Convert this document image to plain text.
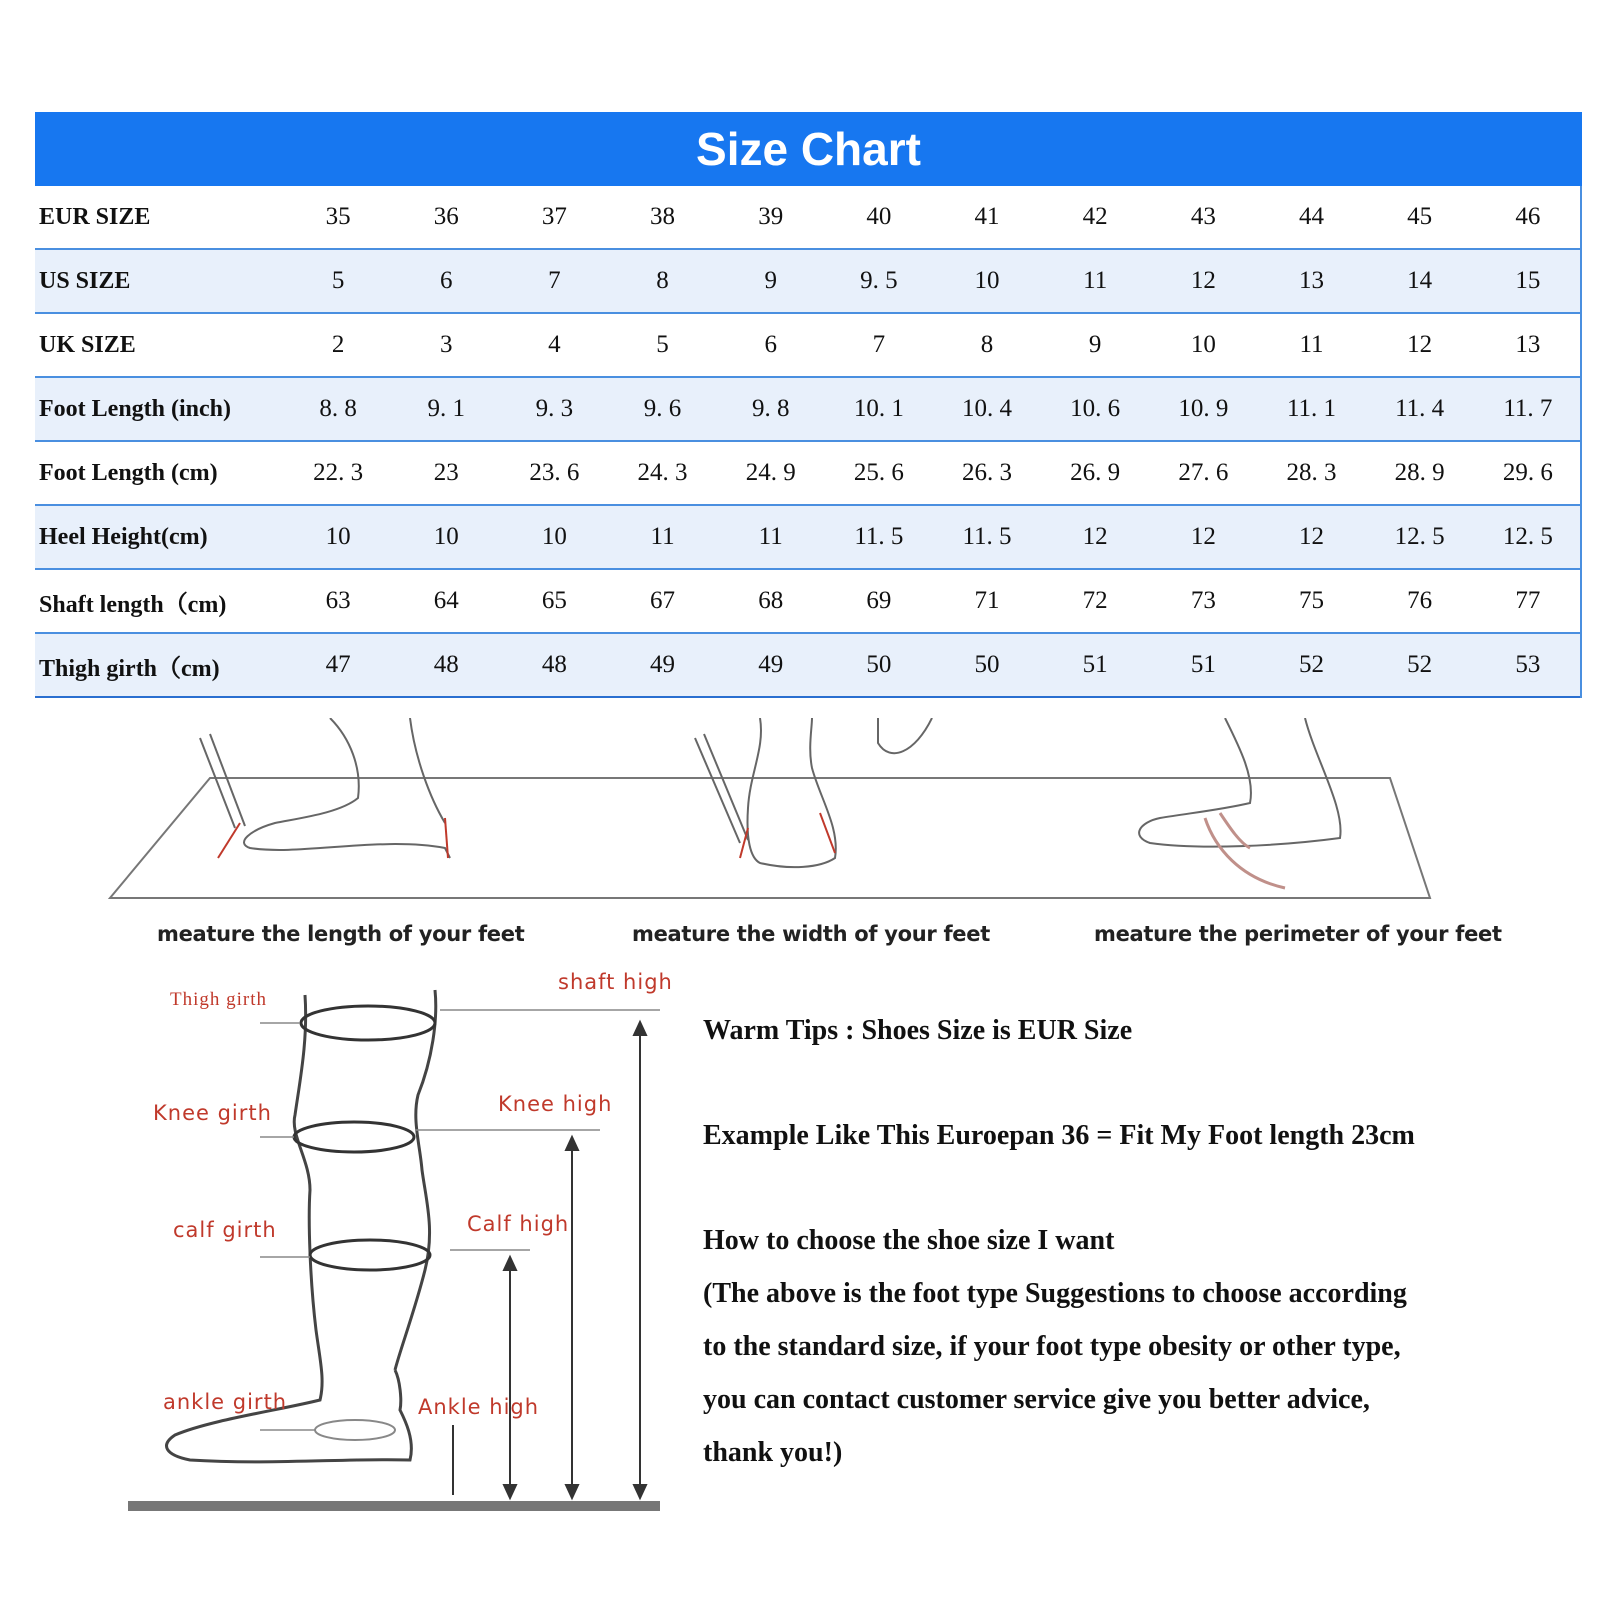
Size Chart
EUR SIZE	35	36	37	38	39	40	41	42	43	44	45	46
US SIZE	5	6	7	8	9	9. 5	10	11	12	13	14	15
UK SIZE	2	3	4	5	6	7	8	9	10	11	12	13
Foot Length (inch)	8. 8	9. 1	9. 3	9. 6	9. 8	10. 1	10. 4	10. 6	10. 9	11. 1	11. 4	11. 7
Foot Length (cm)	22. 3	23	23. 6	24. 3	24. 9	25. 6	26. 3	26. 9	27. 6	28. 3	28. 9	29. 6
Heel Height(cm)	10	10	10	11	11	11. 5	11. 5	12	12	12	12. 5	12. 5
Shaft length（cm)	63	64	65	67	68	69	71	72	73	75	76	77
Thigh girth（cm)	47	48	48	49	49	50	50	51	51	52	52	53
meature the length of your feet	meature the width of your feet	meature the perimeter of your feet
Thigh girth
Knee girth
calf girth
ankle girth
shaft high
Knee high
Calf high
Ankle high
Warm Tips : Shoes Size is EUR Size
Example Like This Euroepan 36 = Fit My Foot length 23cm
How to choose the shoe size I want
(The above is the foot type Suggestions to choose according
to the standard size, if your foot type obesity or other type,
you can contact customer service give you better advice,
thank you!)
